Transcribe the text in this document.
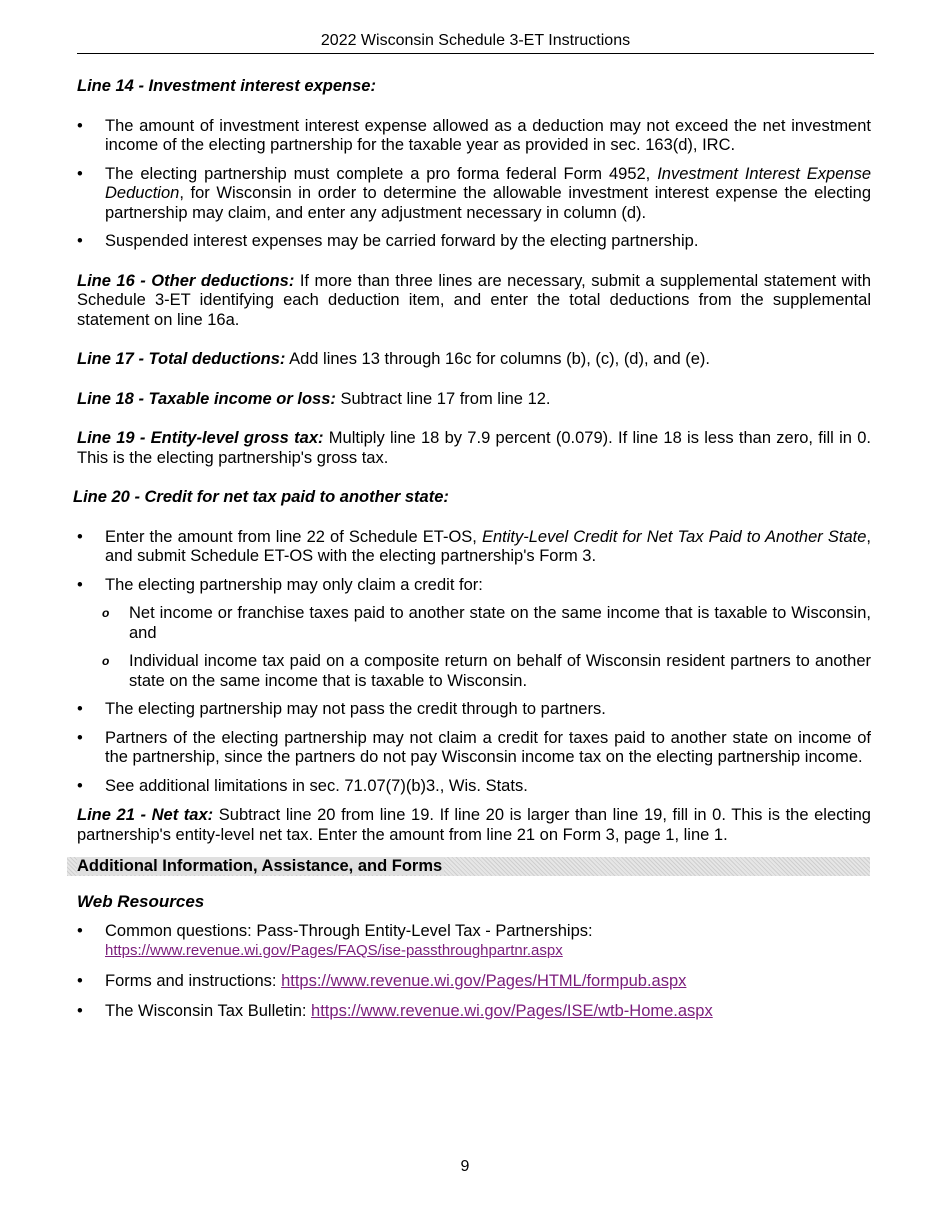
2022 Wisconsin Schedule 3-ET Instructions
Line 14 - Investment interest expense:
• The amount of investment interest expense allowed as a deduction may not exceed the net investment income of the electing partnership for the taxable year as provided in sec. 163(d), IRC.
• The electing partnership must complete a pro forma federal Form 4952, Investment Interest Expense Deduction, for Wisconsin in order to determine the allowable investment interest expense the electing partnership may claim, and enter any adjustment necessary in column (d).
• Suspended interest expenses may be carried forward by the electing partnership.

Line 16 - Other deductions: If more than three lines are necessary, submit a supplemental statement with Schedule 3-ET identifying each deduction item, and enter the total deductions from the supplemental statement on line 16a.

Line 17 - Total deductions: Add lines 13 through 16c for columns (b), (c), (d), and (e).

Line 18 - Taxable income or loss: Subtract line 17 from line 12.

Line 19 - Entity-level gross tax: Multiply line 18 by 7.9 percent (0.079). If line 18 is less than zero, fill in 0. This is the electing partnership's gross tax.

Line 20 - Credit for net tax paid to another state:
• Enter the amount from line 22 of Schedule ET-OS, Entity-Level Credit for Net Tax Paid to Another State, and submit Schedule ET-OS with the electing partnership's Form 3.
• The electing partnership may only claim a credit for:
o Net income or franchise taxes paid to another state on the same income that is taxable to Wisconsin, and
o Individual income tax paid on a composite return on behalf of Wisconsin resident partners to another state on the same income that is taxable to Wisconsin.
• The electing partnership may not pass the credit through to partners.
• Partners of the electing partnership may not claim a credit for taxes paid to another state on income of the partnership, since the partners do not pay Wisconsin income tax on the electing partnership income.
• See additional limitations in sec. 71.07(7)(b)3., Wis. Stats.

Line 21 - Net tax: Subtract line 20 from line 19. If line 20 is larger than line 19, fill in 0. This is the electing partnership's entity-level net tax. Enter the amount from line 21 on Form 3, page 1, line 1.

Additional Information, Assistance, and Forms
Web Resources
• Common questions: Pass-Through Entity-Level Tax - Partnerships:
https://www.revenue.wi.gov/Pages/FAQS/ise-passthroughpartnr.aspx
• Forms and instructions: https://www.revenue.wi.gov/Pages/HTML/formpub.aspx
• The Wisconsin Tax Bulletin: https://www.revenue.wi.gov/Pages/ISE/wtb-Home.aspx
9
